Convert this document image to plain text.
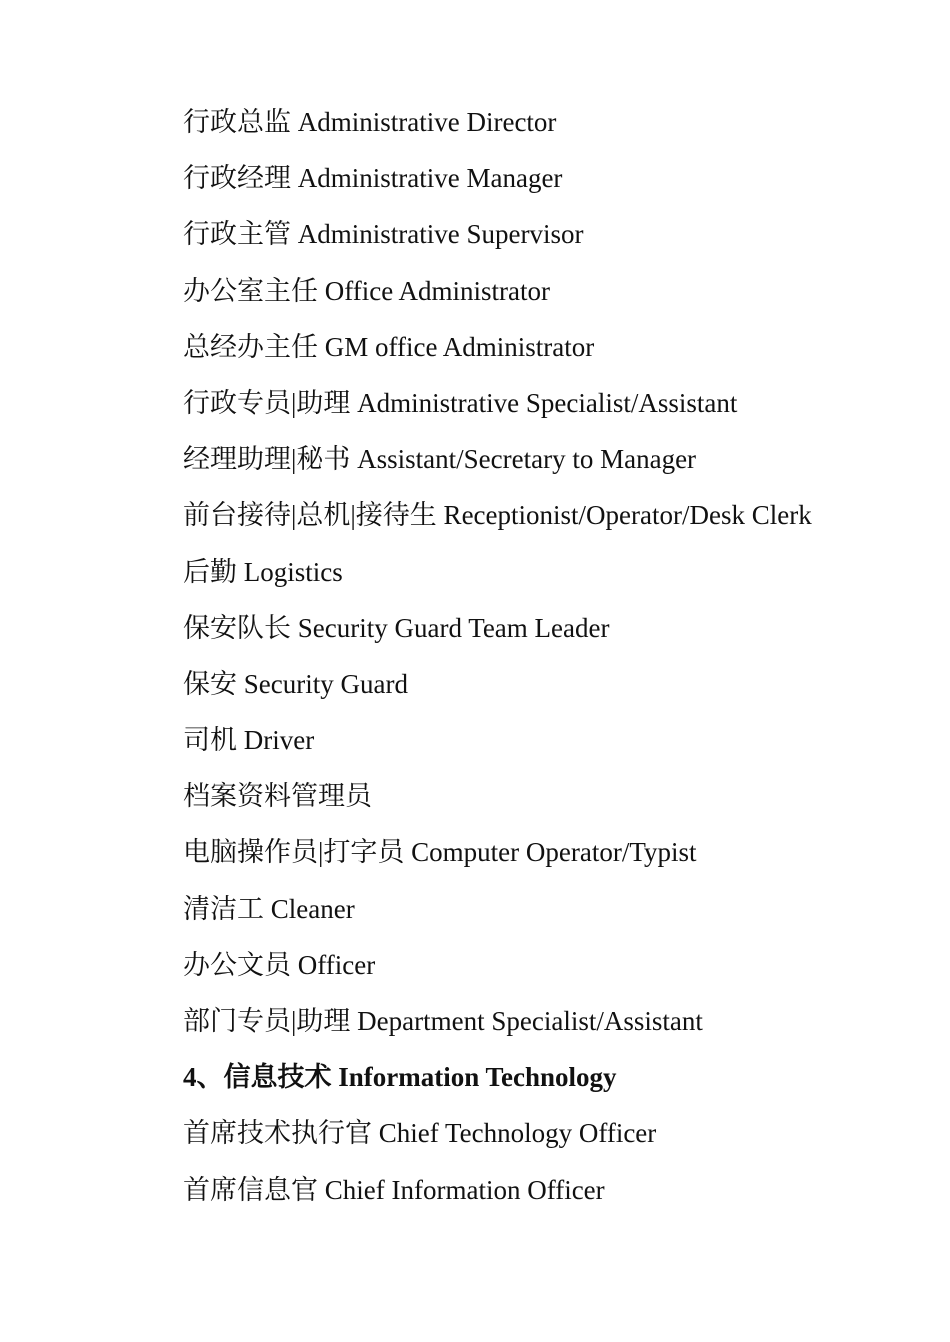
行政总监 Administrative Director
行政经理 Administrative Manager
行政主管 Administrative Supervisor
办公室主任 Office Administrator
总经办主任 GM office Administrator
行政专员|助理 Administrative Specialist/Assistant
经理助理|秘书 Assistant/Secretary to Manager
前台接待|总机|接待生 Receptionist/Operator/Desk Clerk
后勤 Logistics
保安队长 Security Guard Team Leader
保安 Security Guard
司机 Driver
档案资料管理员
电脑操作员|打字员 Computer Operator/Typist
清洁工 Cleaner
办公文员 Officer
部门专员|助理 Department Specialist/Assistant
4、信息技术 Information Technology
首席技术执行官 Chief Technology Officer
首席信息官 Chief Information Officer
